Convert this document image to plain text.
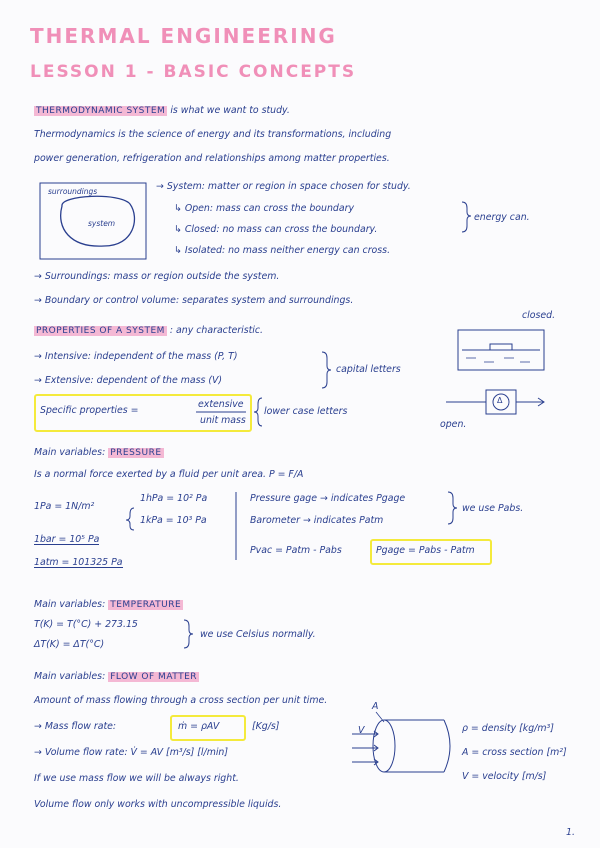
THERMAL ENGINEERING
LESSON 1 - BASIC CONCEPTS
THERMODYNAMIC SYSTEM is what we want to study.
Thermodynamics is the science of energy and its transformations, including
power generation, refrigeration and relationships among matter properties.
surroundings
system
→ System: matter or region in space chosen for study.
↳ Open: mass can cross the boundary
↳ Closed: no mass can cross the boundary.
↳ Isolated: no mass neither energy can cross.
energy can.
→ Surroundings: mass or region outside the system.
→ Boundary or control volume: separates system and surroundings.
PROPERTIES OF A SYSTEM : any characteristic.
closed.
→ Intensive: independent of the mass (P, T)
→ Extensive: dependent of the mass (V)
capital letters
Specific properties =
extensive
unit mass
lower case letters
Δ
open.
Main variables: PRESSURE
Is a normal force exerted by a fluid per unit area. P = F/A
1Pa = 1N/m²
1hPa = 10² Pa
1kPa = 10³ Pa
1bar = 10⁵ Pa
1atm = 101325 Pa
Pressure gage → indicates Pgage
Barometer → indicates Patm
we use Pabs.
Pvac = Patm - Pabs	Pgage = Pabs - Patm
Main variables: TEMPERATURE
T(K) = T(°C) + 273.15
ΔT(K) = ΔT(°C)
we use Celsius normally.
Main variables: FLOW OF MATTER
Amount of mass flowing through a cross section per unit time.
→ Mass flow rate:	ṁ = ρAV	[Kg/s]
→ Volume flow rate: V̇ = AV [m³/s] [l/min]
If we use mass flow we will be always right.
Volume flow only works with uncompressible liquids.
V
A
ρ = density [kg/m³]
A = cross section [m²]
V = velocity [m/s]
1.
